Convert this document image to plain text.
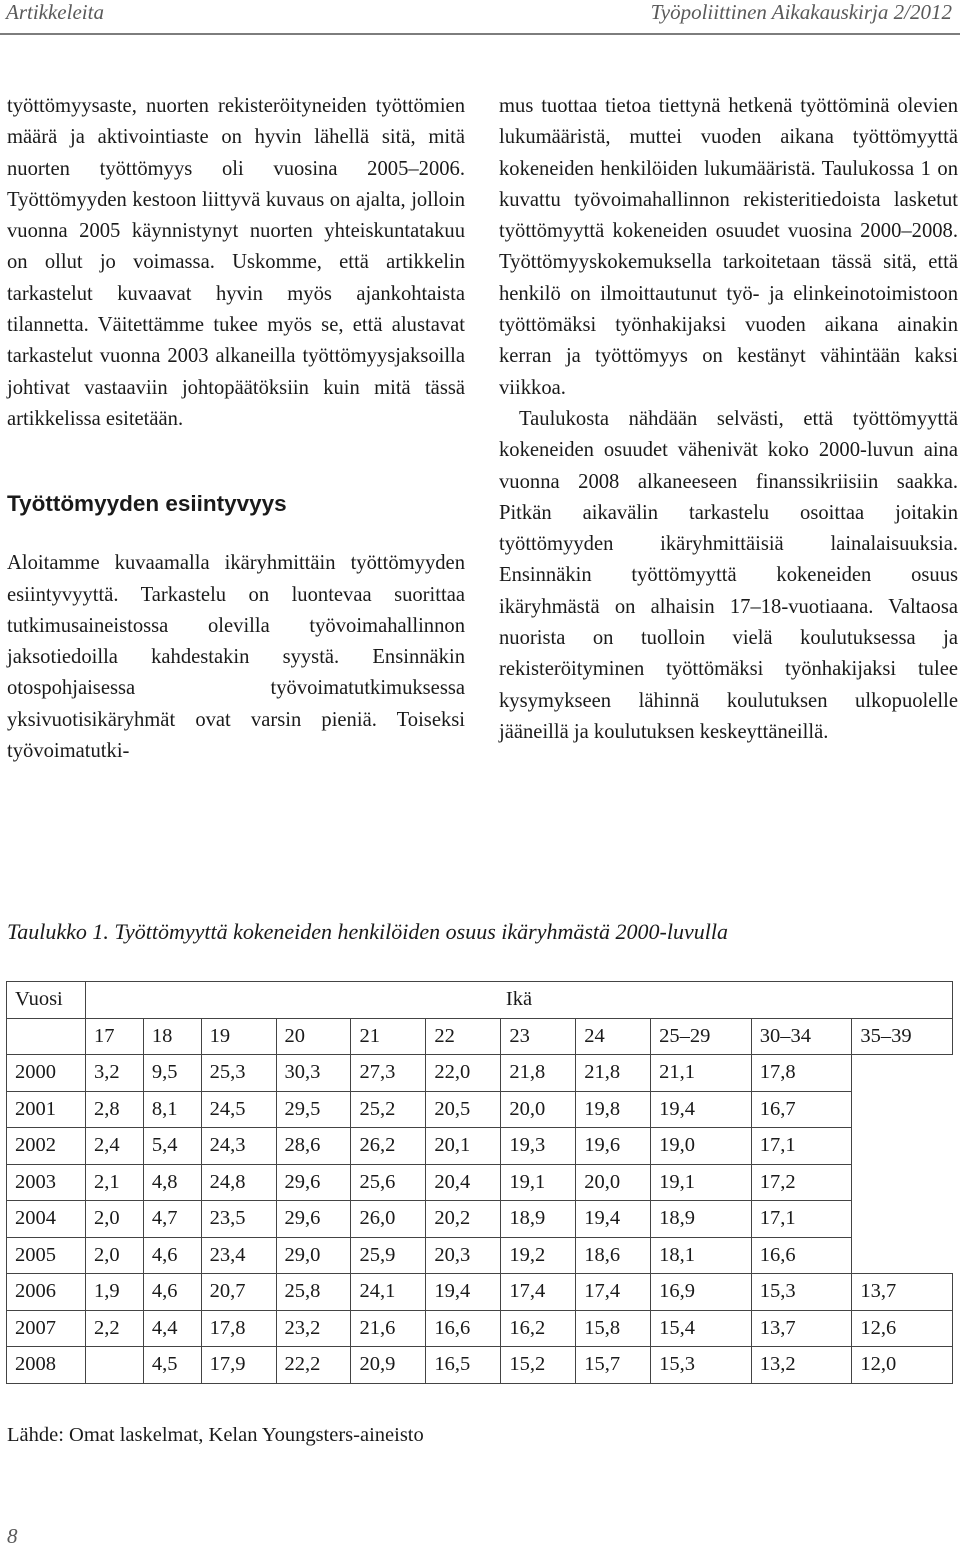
Artikkeleita	Työpoliittinen Aikakauskirja 2/2012

työttömyysaste, nuorten rekisteröityneiden työttömien määrä ja aktivointiaste on hyvin lähellä sitä, mitä nuorten työttömyys oli vuosina 2005–2006. Työttömyyden kestoon liittyvä kuvaus on ajalta, jolloin vuonna 2005 käynnistynyt nuorten yhteiskuntatakuu on ollut jo voimassa. Uskomme, että artikkelin tarkastelut kuvaavat hyvin myös ajankohtaista tilannetta. Väitettämme tukee myös se, että alustavat tarkastelut vuonna 2003 alkaneilla työttömyysjaksoilla johtivat vastaaviin johtopäätöksiin kuin mitä tässä artikkelissa esitetään.

Työttömyyden esiintyvyys

Aloitamme kuvaamalla ikäryhmittäin työttömyyden esiintyvyyttä. Tarkastelu on luontevaa suorittaa tutkimusaineistossa olevilla työvoimahallinnon jaksotiedoilla kahdestakin syystä. Ensinnäkin otospohjaisessa työvoimatutkimuksessa yksivuotisikäryhmät ovat varsin pieniä. Toiseksi työvoimatutki-

mus tuottaa tietoa tiettynä hetkenä työttöminä olevien lukumääristä, muttei vuoden aikana työttömyyttä kokeneiden henkilöiden lukumääristä. Taulukossa 1 on kuvattu työvoimahallinnon rekisteritiedoista lasketut työttömyyttä kokeneiden osuudet vuosina 2000–2008. Työttömyyskokemuksella tarkoitetaan tässä sitä, että henkilö on ilmoittautunut työ- ja elinkeinotoimistoon työttömäksi työnhakijaksi vuoden aikana ainakin kerran ja työttömyys on kestänyt vähintään kaksi viikkoa.

Taulukosta nähdään selvästi, että työttömyyttä kokeneiden osuudet vähenivät koko 2000-luvun aina vuonna 2008 alkaneeseen finanssikriisiin saakka. Pitkän aikavälin tarkastelu osoittaa joitakin työttömyyden ikäryhmittäisiä lainalaisuuksia. Ensinnäkin työttömyyttä kokeneiden osuus ikäryhmästä on alhaisin 17–18-vuotiaana. Valtaosa nuorista on tuolloin vielä koulutuksessa ja rekisteröityminen työttömäksi työnhakijaksi tulee kysymykseen lähinnä koulutuksen ulkopuolelle jääneillä ja koulutuksen keskeyttäneillä.

Taulukko 1. Työttömyyttä kokeneiden henkilöiden osuus ikäryhmästä 2000-luvulla
Vuosi	Ikä										
	17	18	19	20	21	22	23	24	25–29	30–34	35–39
2000	3,2	9,5	25,3	30,3	27,3	22,0	21,8	21,8	21,1	17,8	
2001	2,8	8,1	24,5	29,5	25,2	20,5	20,0	19,8	19,4	16,7	
2002	2,4	5,4	24,3	28,6	26,2	20,1	19,3	19,6	19,0	17,1	
2003	2,1	4,8	24,8	29,6	25,6	20,4	19,1	20,0	19,1	17,2	
2004	2,0	4,7	23,5	29,6	26,0	20,2	18,9	19,4	18,9	17,1	
2005	2,0	4,6	23,4	29,0	25,9	20,3	19,2	18,6	18,1	16,6	
2006	1,9	4,6	20,7	25,8	24,1	19,4	17,4	17,4	16,9	15,3	13,7
2007	2,2	4,4	17,8	23,2	21,6	16,6	16,2	15,8	15,4	13,7	12,6
2008		4,5	17,9	22,2	20,9	16,5	15,2	15,7	15,3	13,2	12,0
Lähde: Omat laskelmat, Kelan Youngsters-aineisto
8
